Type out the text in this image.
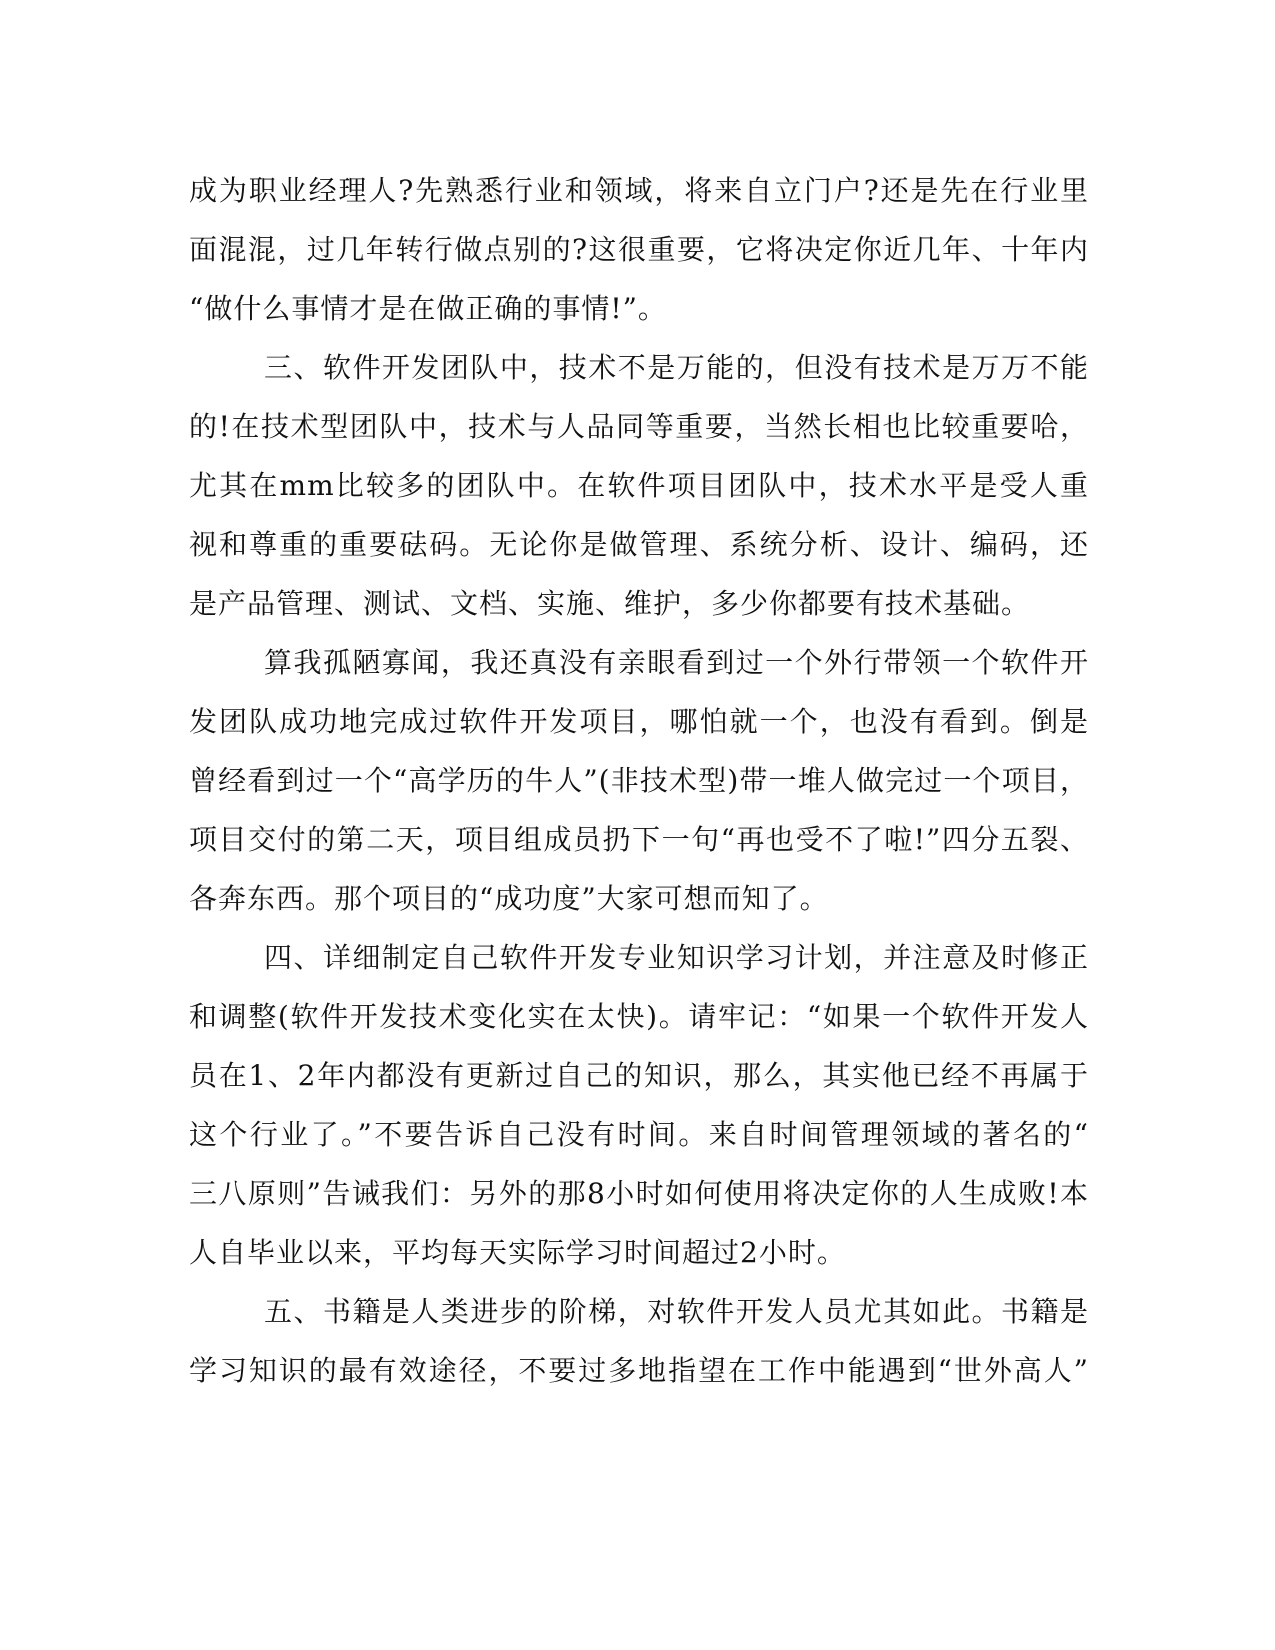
成为职业经理人?先熟悉行业和领域，将来自立门户?还是先在行业里
面混混，过几年转行做点别的?这很重要，它将决定你近几年、十年内
“做什么事情才是在做正确的事情!”。
三、软件开发团队中，技术不是万能的，但没有技术是万万不能
的!在技术型团队中，技术与人品同等重要，当然长相也比较重要哈，
尤其在mm比较多的团队中。在软件项目团队中，技术水平是受人重
视和尊重的重要砝码。无论你是做管理、系统分析、设计、编码，还
是产品管理、测试、文档、实施、维护，多少你都要有技术基础。
算我孤陋寡闻，我还真没有亲眼看到过一个外行带领一个软件开
发团队成功地完成过软件开发项目，哪怕就一个，也没有看到。倒是
曾经看到过一个“高学历的牛人”(非技术型)带一堆人做完过一个项目，
项目交付的第二天，项目组成员扔下一句“再也受不了啦!”四分五裂、
各奔东西。那个项目的“成功度”大家可想而知了。
四、详细制定自己软件开发专业知识学习计划，并注意及时修正
和调整(软件开发技术变化实在太快)。请牢记：“如果一个软件开发人
员在1、2年内都没有更新过自己的知识，那么，其实他已经不再属于
这个行业了。”不要告诉自己没有时间。来自时间管理领域的著名的“
三八原则”告诫我们：另外的那8小时如何使用将决定你的人生成败!本
人自毕业以来，平均每天实际学习时间超过2小时。
五、书籍是人类进步的阶梯，对软件开发人员尤其如此。书籍是
学习知识的最有效途径，不要过多地指望在工作中能遇到“世外高人”
